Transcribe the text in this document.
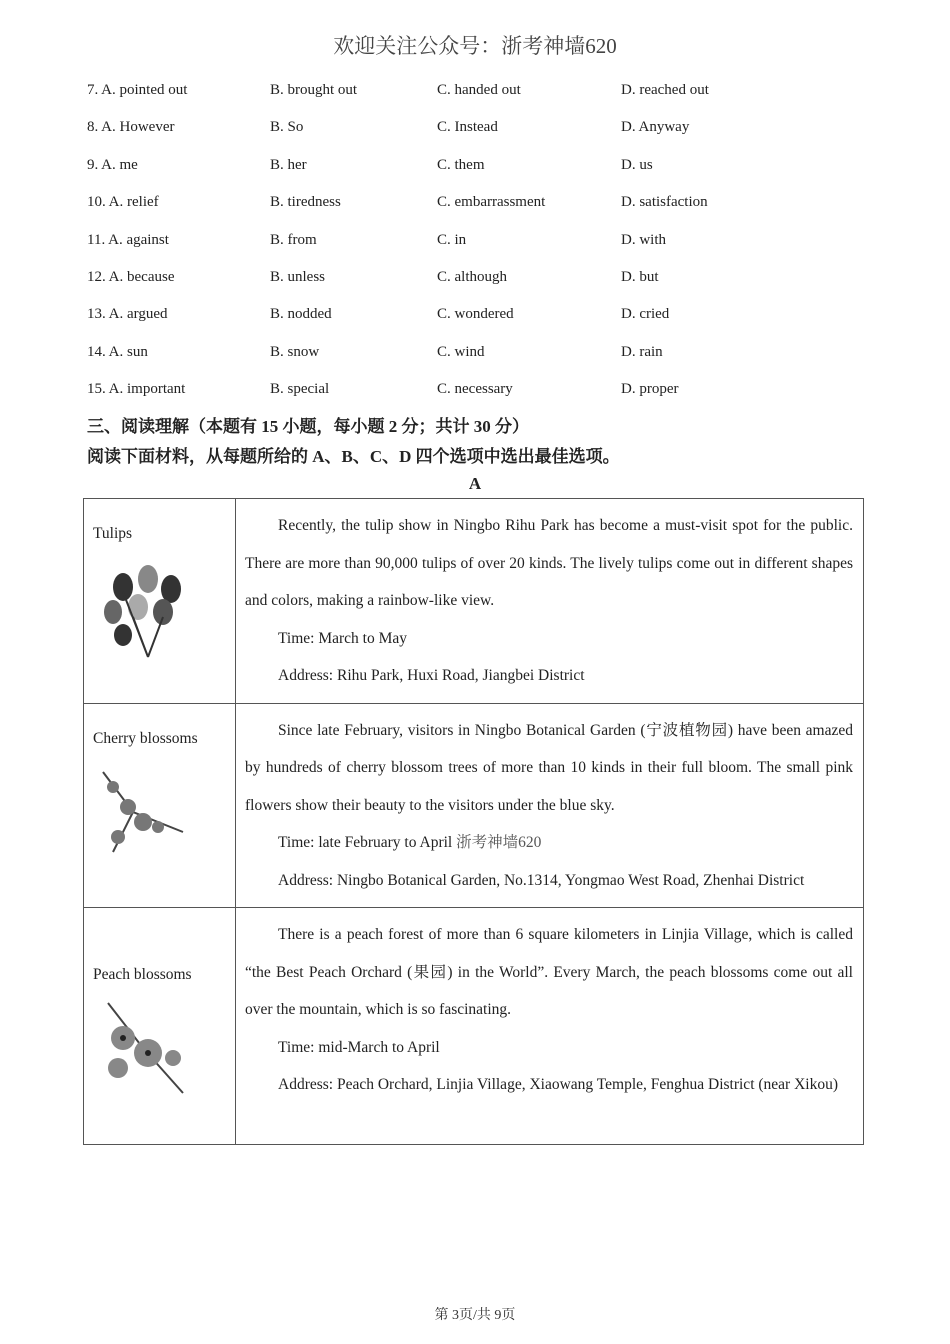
欢迎关注公众号：浙考神墙620
7. A. pointed out	B. brought out	C. handed out	D. reached out
8. A. However	B. So	C. Instead	D. Anyway
9. A. me	B. her	C. them	D. us
10. A. relief	B. tiredness	C. embarrassment	D. satisfaction
11. A. against	B. from	C. in	D. with
12. A. because	B. unless	C. although	D. but
13. A. argued	B. nodded	C. wondered	D. cried
14. A. sun	B. snow	C. wind	D. rain
15. A. important	B. special	C. necessary	D. proper
三、阅读理解（本题有 15 小题，每小题 2 分；共计 30 分）
阅读下面材料，从每题所给的 A、B、C、D 四个选项中选出最佳选项。
A
Tulips	Recently, the tulip show in Ningbo Rihu Park has become a must-visit spot for the public. There are more than 90,000 tulips of over 20 kinds. The lively tulips come out in different shapes and colors, making a rainbow-like view.
Time: March to May
Address: Rihu Park, Huxi Road, Jiangbei District

Cherry blossoms	Since late February, visitors in Ningbo Botanical Garden (宁波植物园) have been amazed by hundreds of cherry blossom trees of more than 10 kinds in their full bloom. The small pink flowers show their beauty to the visitors under the blue sky.
Time: late February to April 浙考神墙620
Address: Ningbo Botanical Garden, No.1314, Yongmao West Road, Zhenhai District

Peach blossoms	There is a peach forest of more than 6 square kilometers in Linjia Village, which is called “the Best Peach Orchard (果园) in the World”. Every March, the peach blossoms come out all over the mountain, which is so fascinating.
Time: mid-March to April
Address: Peach Orchard, Linjia Village, Xiaowang Temple, Fenghua District (near Xikou)
第 3页/共 9页
